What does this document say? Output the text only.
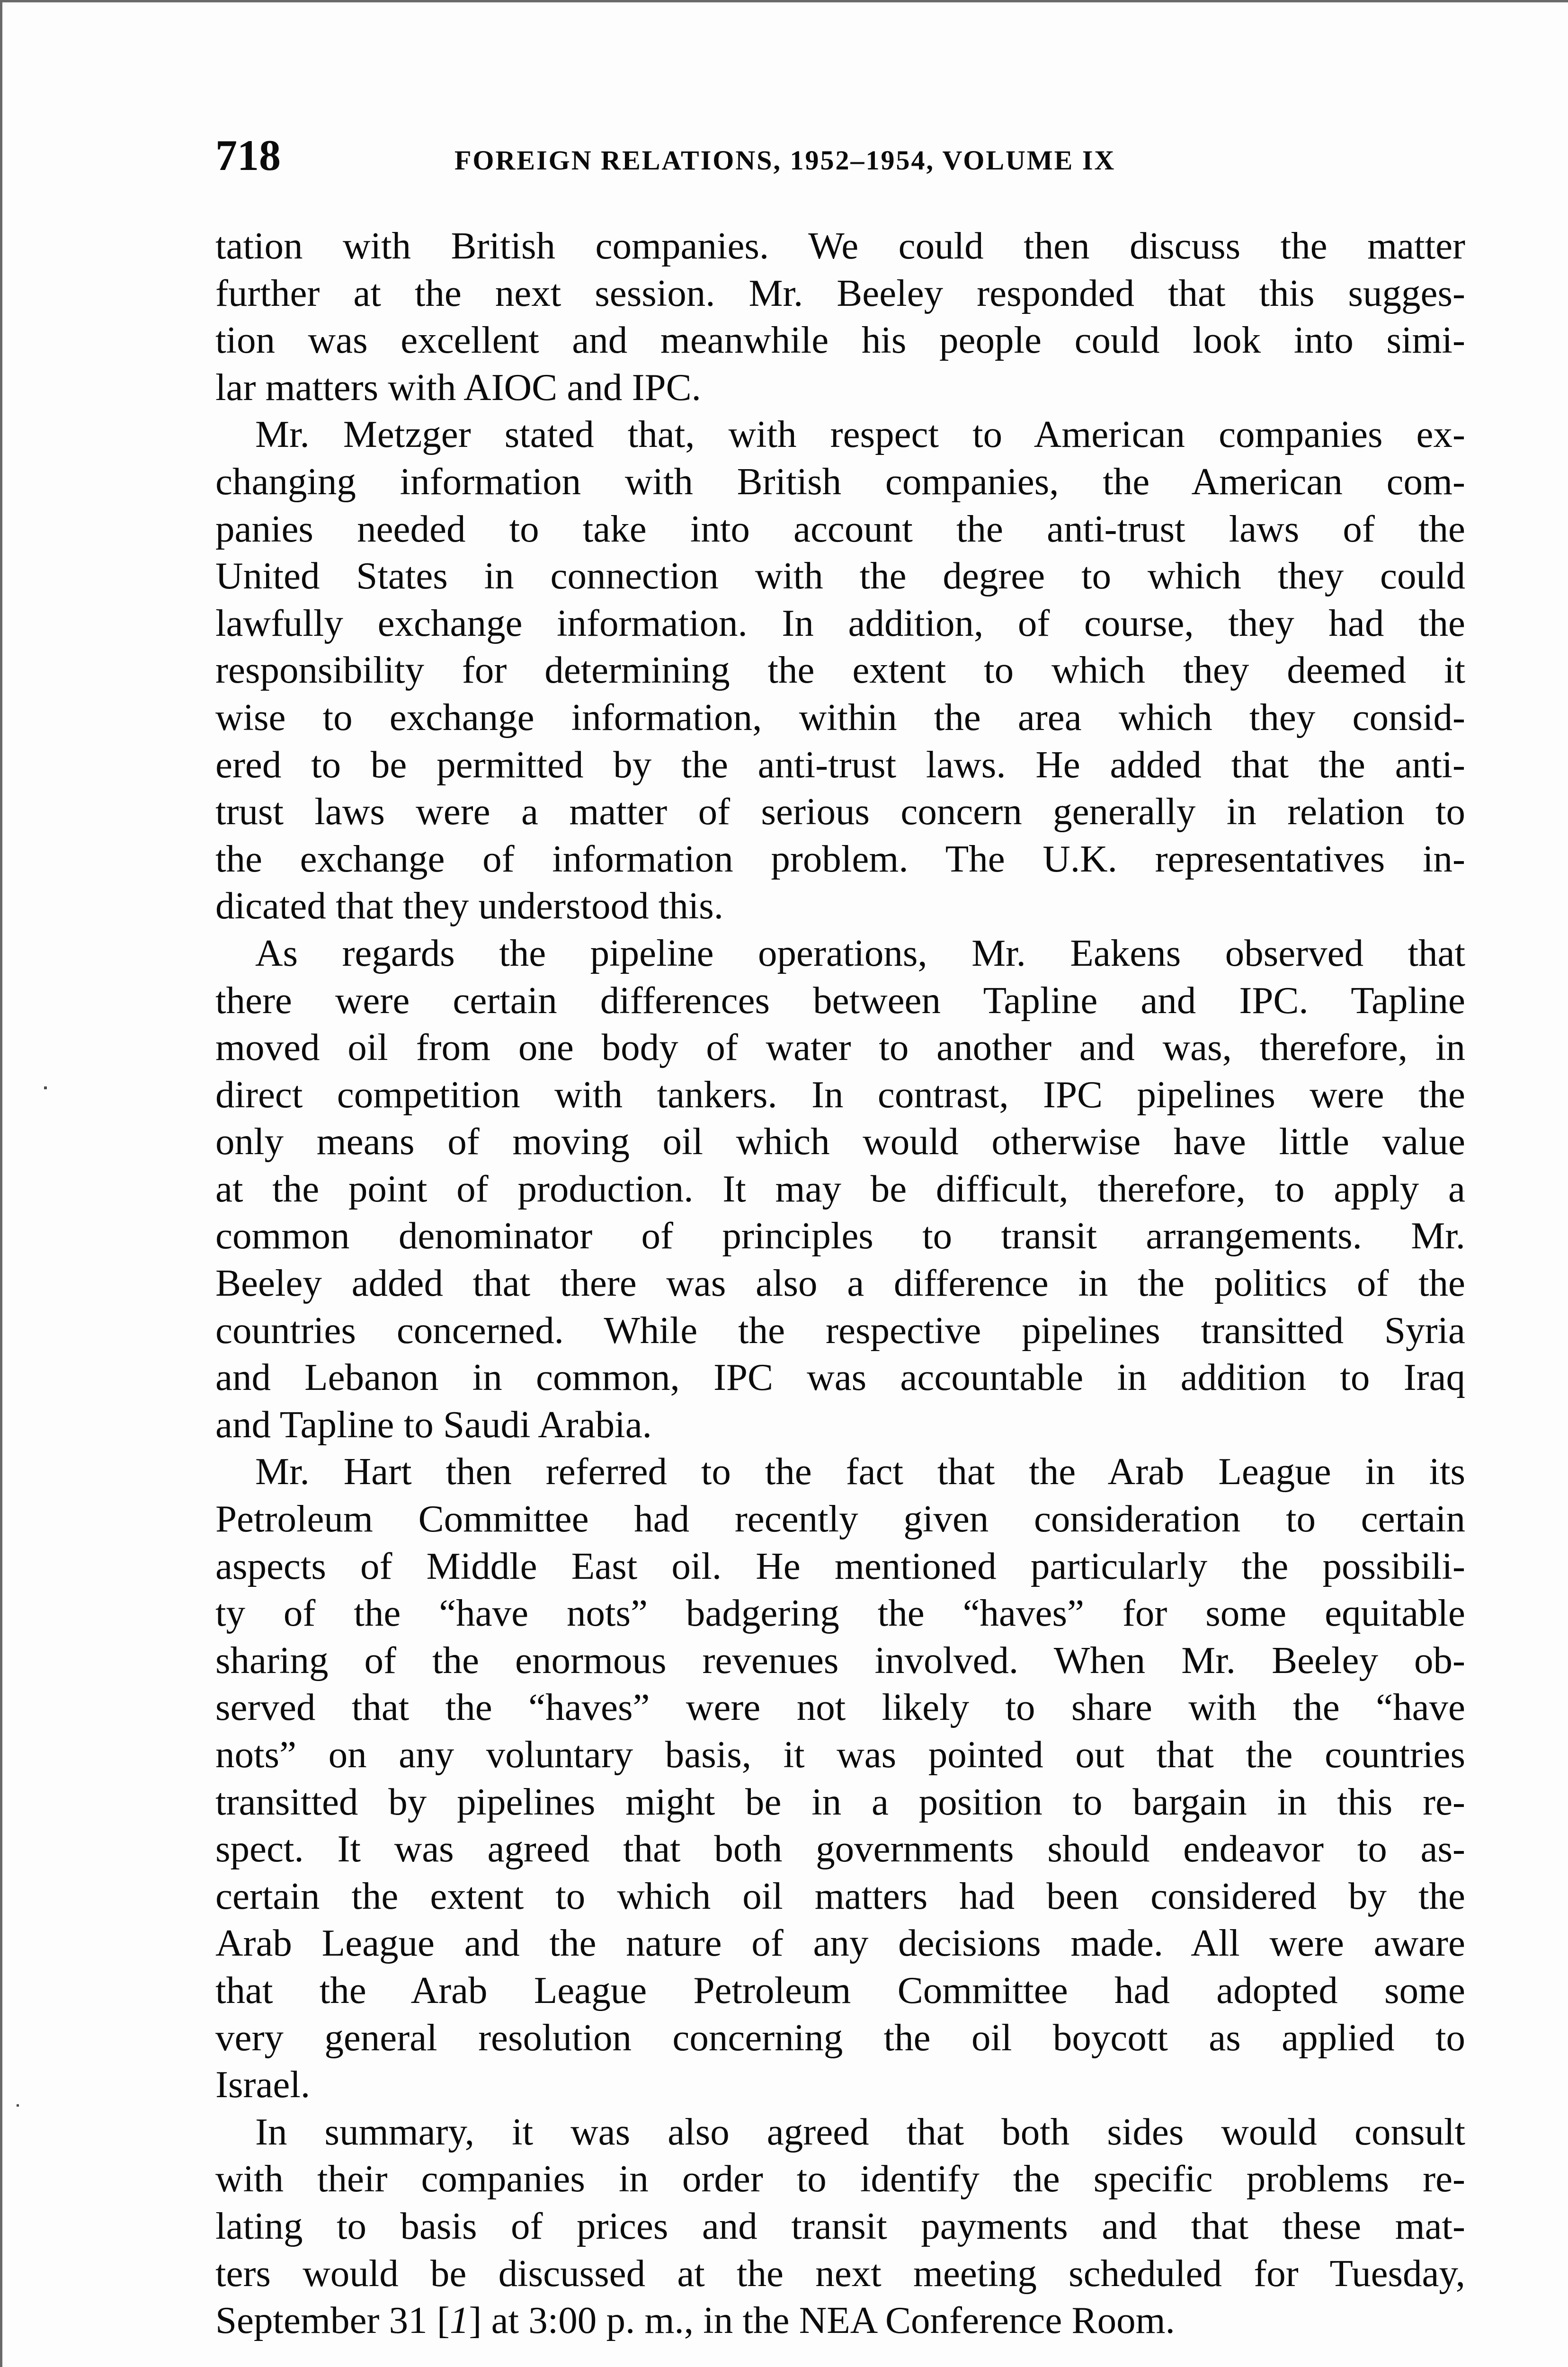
718	FOREIGN RELATIONS, 1952–1954, VOLUME IX
tation with British companies. We could then discuss the matter
further at the next session. Mr. Beeley responded that this sugges-
tion was excellent and meanwhile his people could look into simi-
lar matters with AIOC and IPC.
Mr. Metzger stated that, with respect to American companies ex-
changing information with British companies, the American com-
panies needed to take into account the anti-trust laws of the
United States in connection with the degree to which they could
lawfully exchange information. In addition, of course, they had the
responsibility for determining the extent to which they deemed it
wise to exchange information, within the area which they consid-
ered to be permitted by the anti-trust laws. He added that the anti-
trust laws were a matter of serious concern generally in relation to
the exchange of information problem. The U.K. representatives in-
dicated that they understood this.
As regards the pipeline operations, Mr. Eakens observed that
there were certain differences between Tapline and IPC. Tapline
moved oil from one body of water to another and was, therefore, in
direct competition with tankers. In contrast, IPC pipelines were the
only means of moving oil which would otherwise have little value
at the point of production. It may be difficult, therefore, to apply a
common denominator of principles to transit arrangements. Mr.
Beeley added that there was also a difference in the politics of the
countries concerned. While the respective pipelines transitted Syria
and Lebanon in common, IPC was accountable in addition to Iraq
and Tapline to Saudi Arabia.
Mr. Hart then referred to the fact that the Arab League in its
Petroleum Committee had recently given consideration to certain
aspects of Middle East oil. He mentioned particularly the possibili-
ty of the “have nots” badgering the “haves” for some equitable
sharing of the enormous revenues involved. When Mr. Beeley ob-
served that the “haves” were not likely to share with the “have
nots” on any voluntary basis, it was pointed out that the countries
transitted by pipelines might be in a position to bargain in this re-
spect. It was agreed that both governments should endeavor to as-
certain the extent to which oil matters had been considered by the
Arab League and the nature of any decisions made. All were aware
that the Arab League Petroleum Committee had adopted some
very general resolution concerning the oil boycott as applied to
Israel.
In summary, it was also agreed that both sides would consult
with their companies in order to identify the specific problems re-
lating to basis of prices and transit payments and that these mat-
ters would be discussed at the next meeting scheduled for Tuesday,
September 31 [1] at 3:00 p. m., in the NEA Conference Room.
